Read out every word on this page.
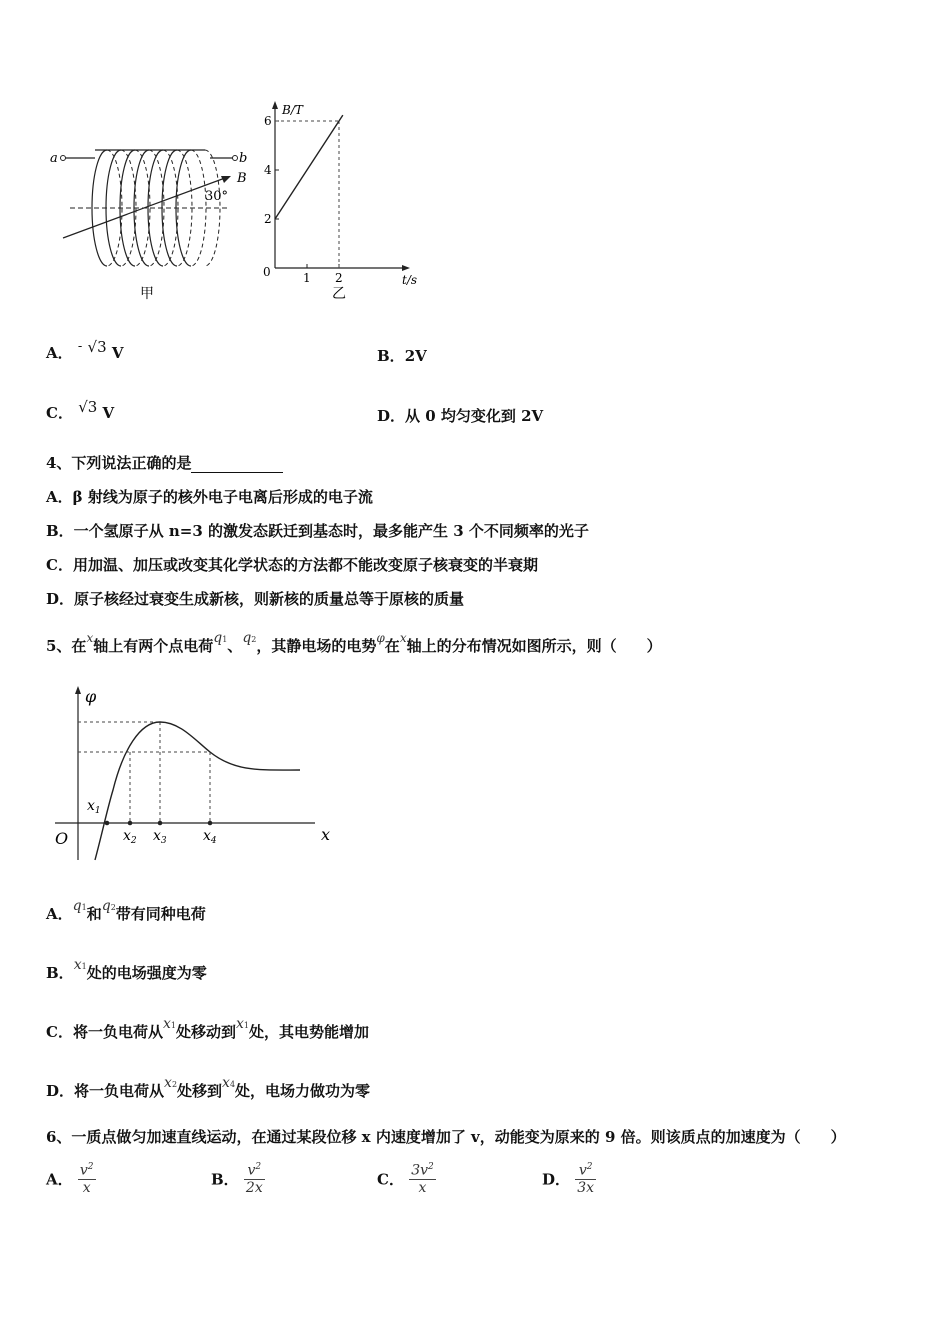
a	b
B
30°
甲
B/T
t/s
0
6
4
2
1 2
乙
A． - √3 V	B．2V
C． √3 V	D．从 0 均匀变化到 2V
4、下列说法正确的是
A．β 射线为原子的核外电子电离后形成的电子流
B．一个氢原子从 n=3 的激发态跃迁到基态时，最多能产生 3 个不同频率的光子
C．用加温、加压或改变其化学状态的方法都不能改变原子核衰变的半衰期
D．原子核经过衰变生成新核，则新核的质量总等于原核的质量
5、在$^x$轴上有两个点电荷q1、q2，其静电场的电势$^\varphi$在$^x$轴上的分布情况如图所示，则（　　）
φ
x
O
$x_1$
$x_2$ $x_3$	$x_4$
A．q1和q2带有同种电荷
B．x1处的电场强度为零
C．将一负电荷从x1处移动到x1处，其电势能增加
D．将一负电荷从x2处移到x4处，电场力做功为零
6、一质点做匀加速直线运动，在通过某段位移 x 内速度增加了 v，动能变为原来的 9 倍。则该质点的加速度为（　　）
A． $\frac{v^2}{x}$	B． $\frac{v^2}{2x}$	C． $\frac{3v^2}{x}$	D． $\frac{v^2}{3x}$
